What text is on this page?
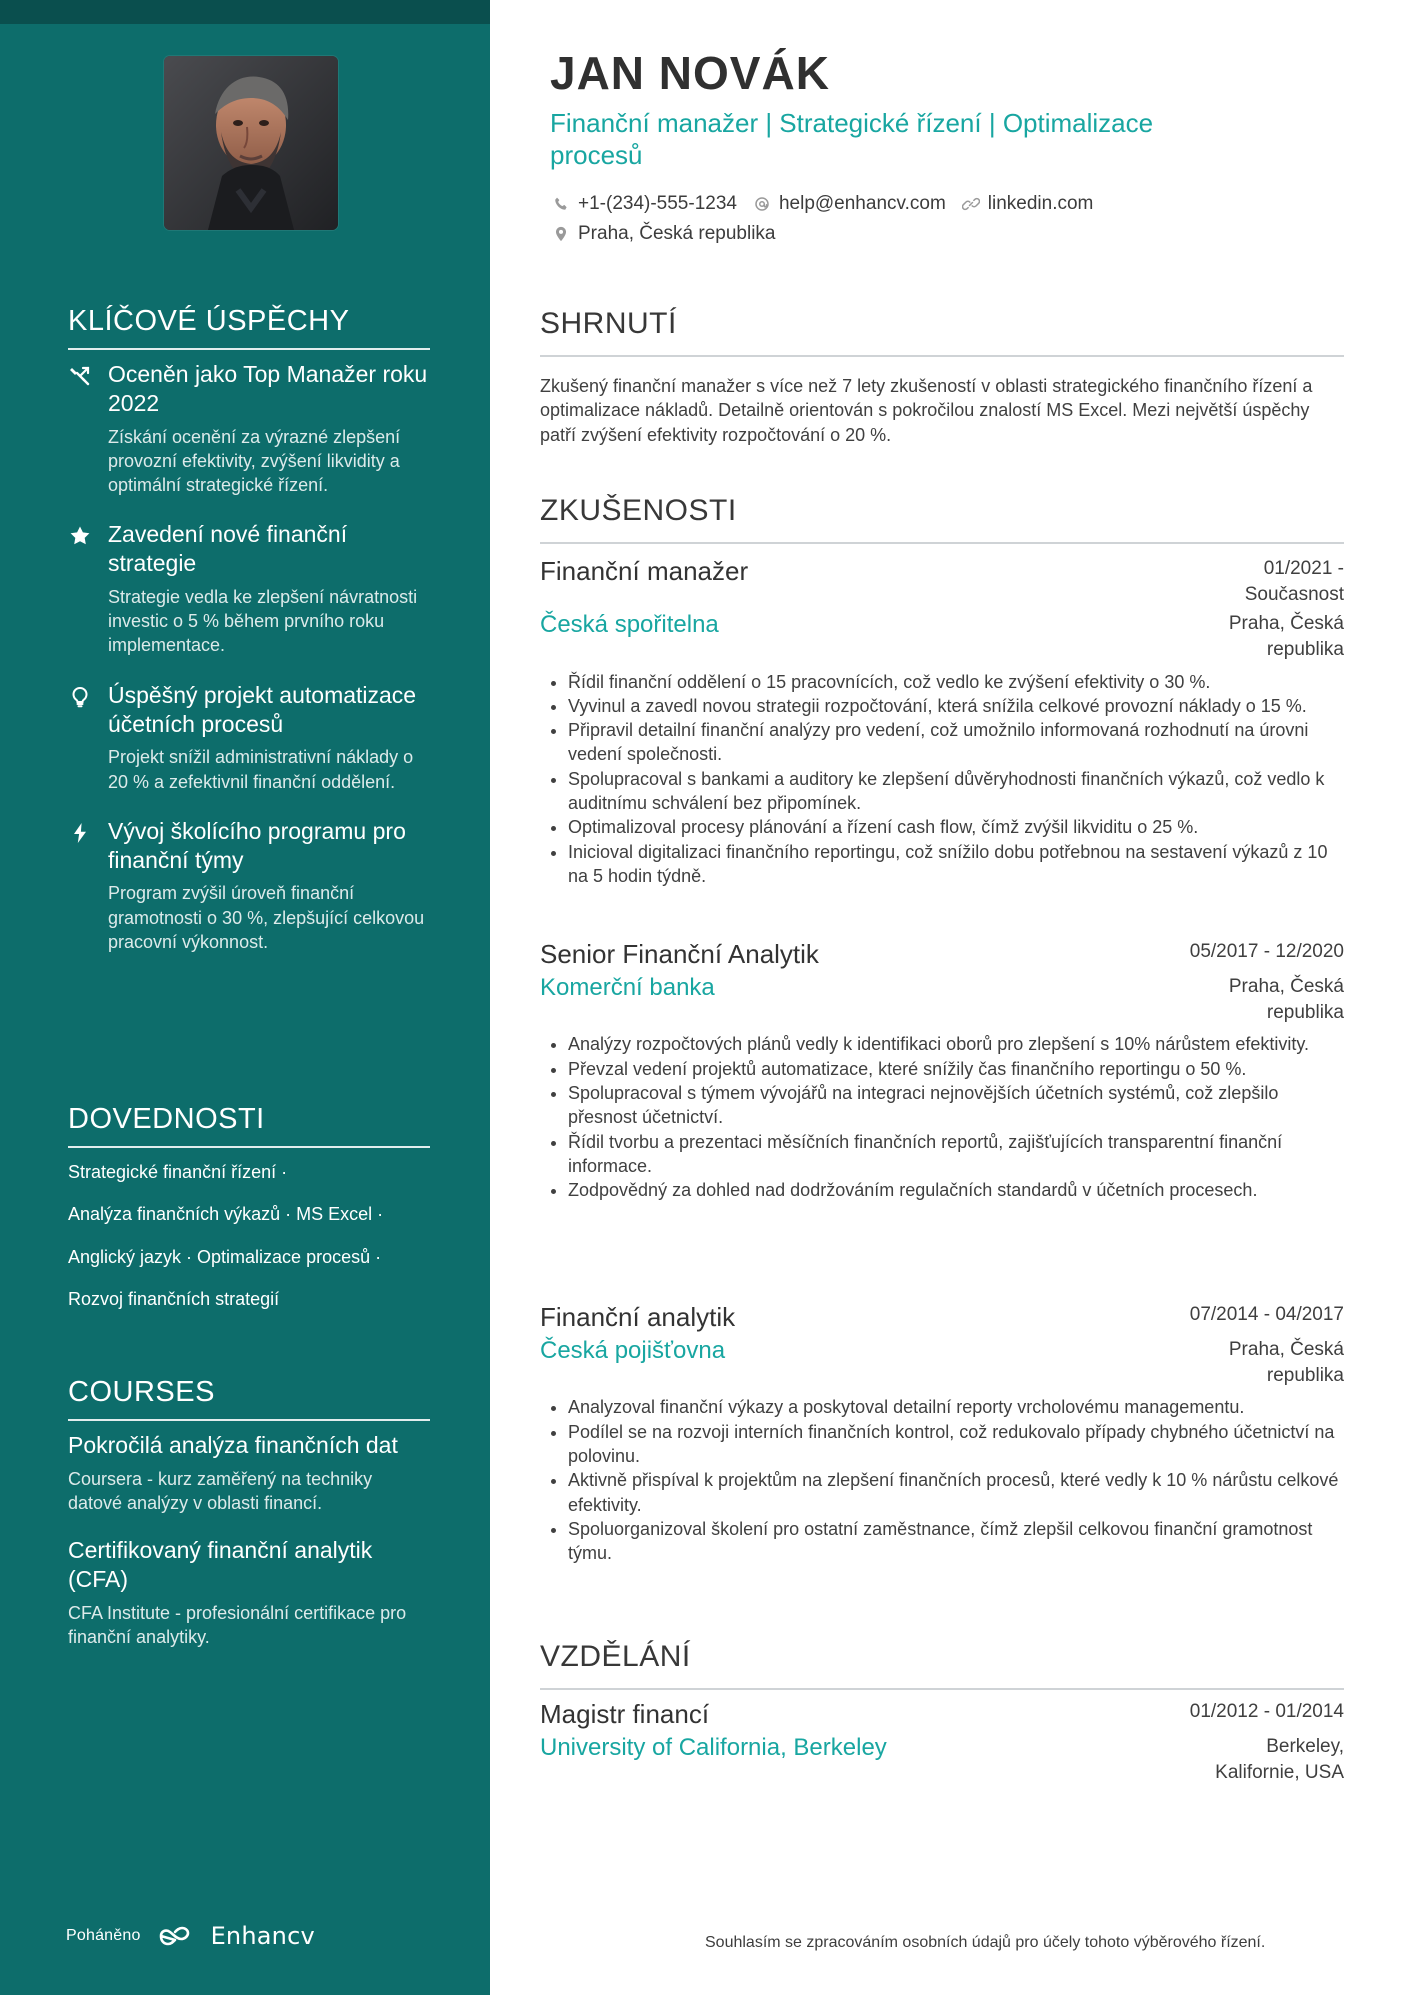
KLÍČOVÉ ÚSPĚCHY
Oceněn jako Top Manažer roku 2022
Získání ocenění za výrazné zlepšení provozní efektivity, zvýšení likvidity a optimální strategické řízení.
Zavedení nové finanční strategie
Strategie vedla ke zlepšení návratnosti investic o 5 % během prvního roku implementace.
Úspěšný projekt automatizace účetních procesů
Projekt snížil administrativní náklady o 20 % a zefektivnil finanční oddělení.
Vývoj školícího programu pro finanční týmy
Program zvýšil úroveň finanční gramotnosti o 30 %, zlepšující celkovou pracovní výkonnost.
DOVEDNOSTI
Strategické finanční řízení ·
Analýza finančních výkazů · MS Excel ·
Anglický jazyk · Optimalizace procesů ·
Rozvoj finančních strategií
COURSES
Pokročilá analýza finančních dat
Coursera - kurz zaměřený na techniky datové analýzy v oblasti financí.
Certifikovaný finanční analytik (CFA)
CFA Institute - profesionální certifikace pro finanční analytiky.
Poháněno	Enhancv
JAN NOVÁK
Finanční manažer | Strategické řízení | Optimalizace procesů
+1-(234)-555-1234 help@enhancv.com linkedin.com
Praha, Česká republika
SHRNUTÍ
Zkušený finanční manažer s více než 7 lety zkušeností v oblasti strategického finančního řízení a optimalizace nákladů. Detailně orientován s pokročilou znalostí MS Excel. Mezi největší úspěchy patří zvýšení efektivity rozpočtování o 20 %.
ZKUŠENOSTI
Finanční manažer	01/2021 - Současnost
Česká spořitelna	Praha, Česká republika
• Řídil finanční oddělení o 15 pracovnících, což vedlo ke zvýšení efektivity o 30 %.
• Vyvinul a zavedl novou strategii rozpočtování, která snížila celkové provozní náklady o 15 %.
• Připravil detailní finanční analýzy pro vedení, což umožnilo informovaná rozhodnutí na úrovni vedení společnosti.
• Spolupracoval s bankami a auditory ke zlepšení důvěryhodnosti finančních výkazů, což vedlo k auditnímu schválení bez připomínek.
• Optimalizoval procesy plánování a řízení cash flow, čímž zvýšil likviditu o 25 %.
• Inicioval digitalizaci finančního reportingu, což snížilo dobu potřebnou na sestavení výkazů z 10 na 5 hodin týdně.
Senior Finanční Analytik	05/2017 - 12/2020
Komerční banka	Praha, Česká republika
• Analýzy rozpočtových plánů vedly k identifikaci oborů pro zlepšení s 10% nárůstem efektivity.
• Převzal vedení projektů automatizace, které snížily čas finančního reportingu o 50 %.
• Spolupracoval s týmem vývojářů na integraci nejnovějších účetních systémů, což zlepšilo přesnost účetnictví.
• Řídil tvorbu a prezentaci měsíčních finančních reportů, zajišťujících transparentní finanční informace.
• Zodpovědný za dohled nad dodržováním regulačních standardů v účetních procesech.
Finanční analytik	07/2014 - 04/2017
Česká pojišťovna	Praha, Česká republika
• Analyzoval finanční výkazy a poskytoval detailní reporty vrcholovému managementu.
• Podílel se na rozvoji interních finančních kontrol, což redukovalo případy chybného účetnictví na polovinu.
• Aktivně přispíval k projektům na zlepšení finančních procesů, které vedly k 10 % nárůstu celkové efektivity.
• Spoluorganizoval školení pro ostatní zaměstnance, čímž zlepšil celkovou finanční gramotnost týmu.
VZDĚLÁNÍ
Magistr financí	01/2012 - 01/2014
University of California, Berkeley	Berkeley, Kalifornie, USA
Souhlasím se zpracováním osobních údajů pro účely tohoto výběrového řízení.
